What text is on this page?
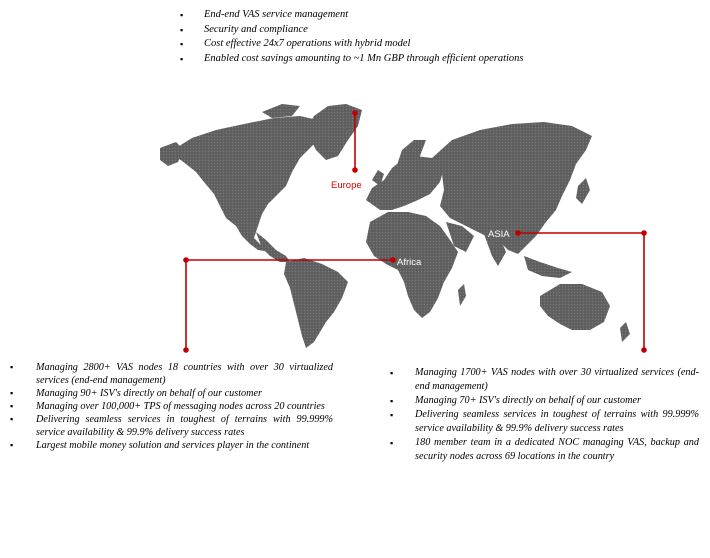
▪ End-end VAS service management
▪ Security and compliance
▪ Cost effective 24x7 operations with hybrid model
▪ Enabled cost savings amounting to ~1 Mn GBP through efficient operations
Europe
Africa
ASIA
▪ Managing 2800+ VAS nodes 18 countries with over 30 virtualized services (end-end management)
▪ Managing 90+ ISV's directly on behalf of our customer
▪ Managing over 100,000+ TPS of messaging nodes across 20 countries
▪ Delivering seamless services in toughest of terrains with 99.999% service availability & 99.9% delivery success rates
▪ Largest mobile money solution and services player in the continent
▪ Managing 1700+ VAS nodes with over 30 virtualized services (end-end management)
▪ Managing 70+ ISV's directly on behalf of our customer
▪ Delivering seamless services in toughest of terrains with 99.999% service availability & 99.9% delivery success rates
▪ 180 member team in a dedicated NOC managing VAS, backup and security nodes across 69 locations in the country
